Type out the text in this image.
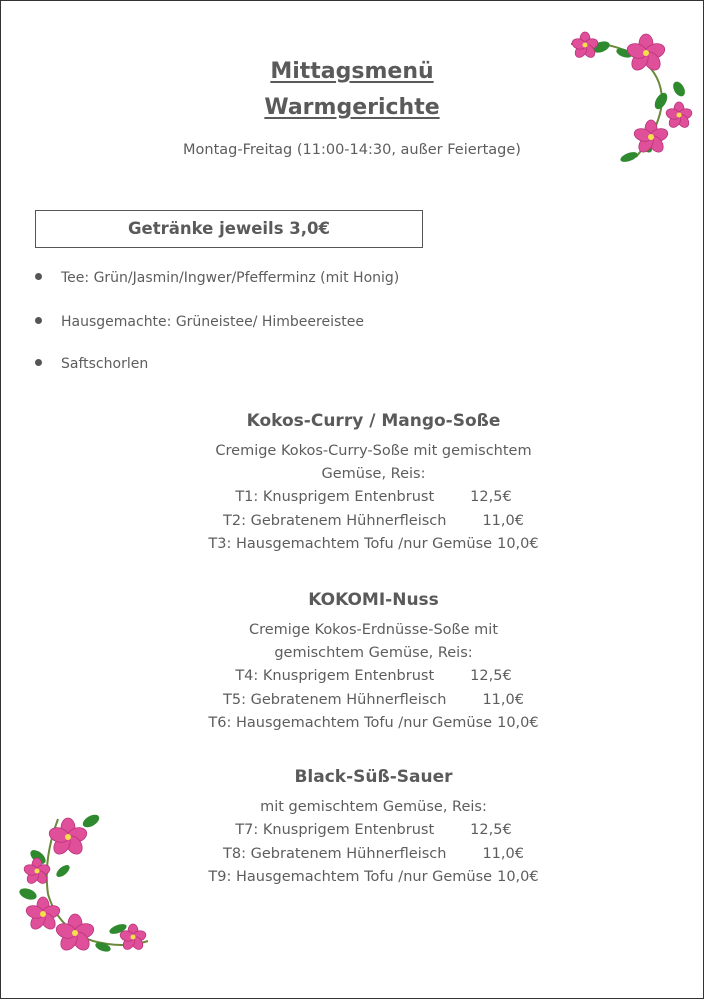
Mittagsmenü
Warmgerichte
Montag-Freitag (11:00-14:30, außer Feiertage)
Getränke jeweils 3,0€
Tee: Grün/Jasmin/Ingwer/Pfefferminz (mit Honig)
Hausgemachte: Grüneistee/ Himbeereistee
Saftschorlen
Kokos-Curry / Mango-Soße
Cremige Kokos-Curry-Soße mit gemischtem
Gemüse, Reis:
T1: Knusprigem Entenbrust 12,5€
T2: Gebratenem Hühnerfleisch 11,0€
T3: Hausgemachtem Tofu /nur Gemüse 10,0€
KOKOMI-Nuss
Cremige Kokos-Erdnüsse-Soße mit
gemischtem Gemüse, Reis:
T4: Knusprigem Entenbrust 12,5€
T5: Gebratenem Hühnerfleisch 11,0€
T6: Hausgemachtem Tofu /nur Gemüse 10,0€
Black-Süß-Sauer
mit gemischtem Gemüse, Reis:
T7: Knusprigem Entenbrust 12,5€
T8: Gebratenem Hühnerfleisch 11,0€
T9: Hausgemachtem Tofu /nur Gemüse 10,0€
